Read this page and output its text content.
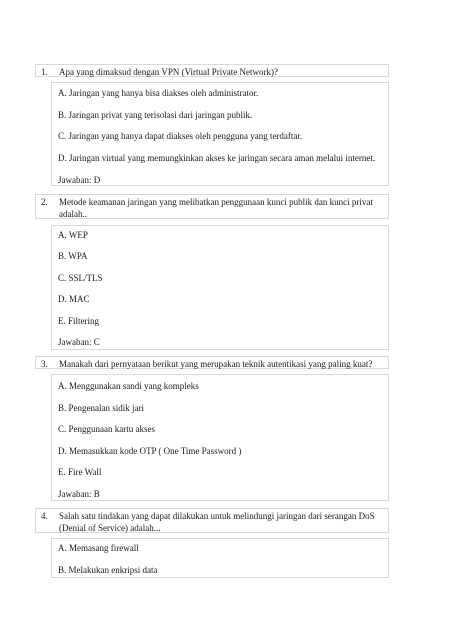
1.	Apa yang dimaksud dengan VPN (Virtual Private Network)?
A. Jaringan yang hanya bisa diakses oleh administrator.
B. Jaringan privat yang terisolasi dari jaringan publik.
C. Jaringan yang hanya dapat diakses oleh pengguna yang terdaftar.
D. Jaringan virtual yang memungkinkan akses ke jaringan secara aman melalui internet.
Jawaban: D
2.	Metode keamanan jaringan yang melibatkan penggunaan kunci publik dan kunci privat adalah..
A. WEP
B. WPA
C. SSL/TLS
D. MAC
E. Filtering
Jawaban: C
3.	Manakah dari pernyataan berikut yang merupakan teknik autentikasi yang paling kuat?
A. Menggunakan sandi yang kompleks
B. Pengenalan sidik jari
C. Penggunaan kartu akses
D. Memasukkan kode OTP ( One Time Password )
E. Fire Wall
Jawaban: B
4.	Salah satu tindakan yang dapat dilakukan untuk melindungi jaringan dari serangan DoS (Denial of Service) adalah...
A. Memasang firewall
B. Melakukan enkripsi data
